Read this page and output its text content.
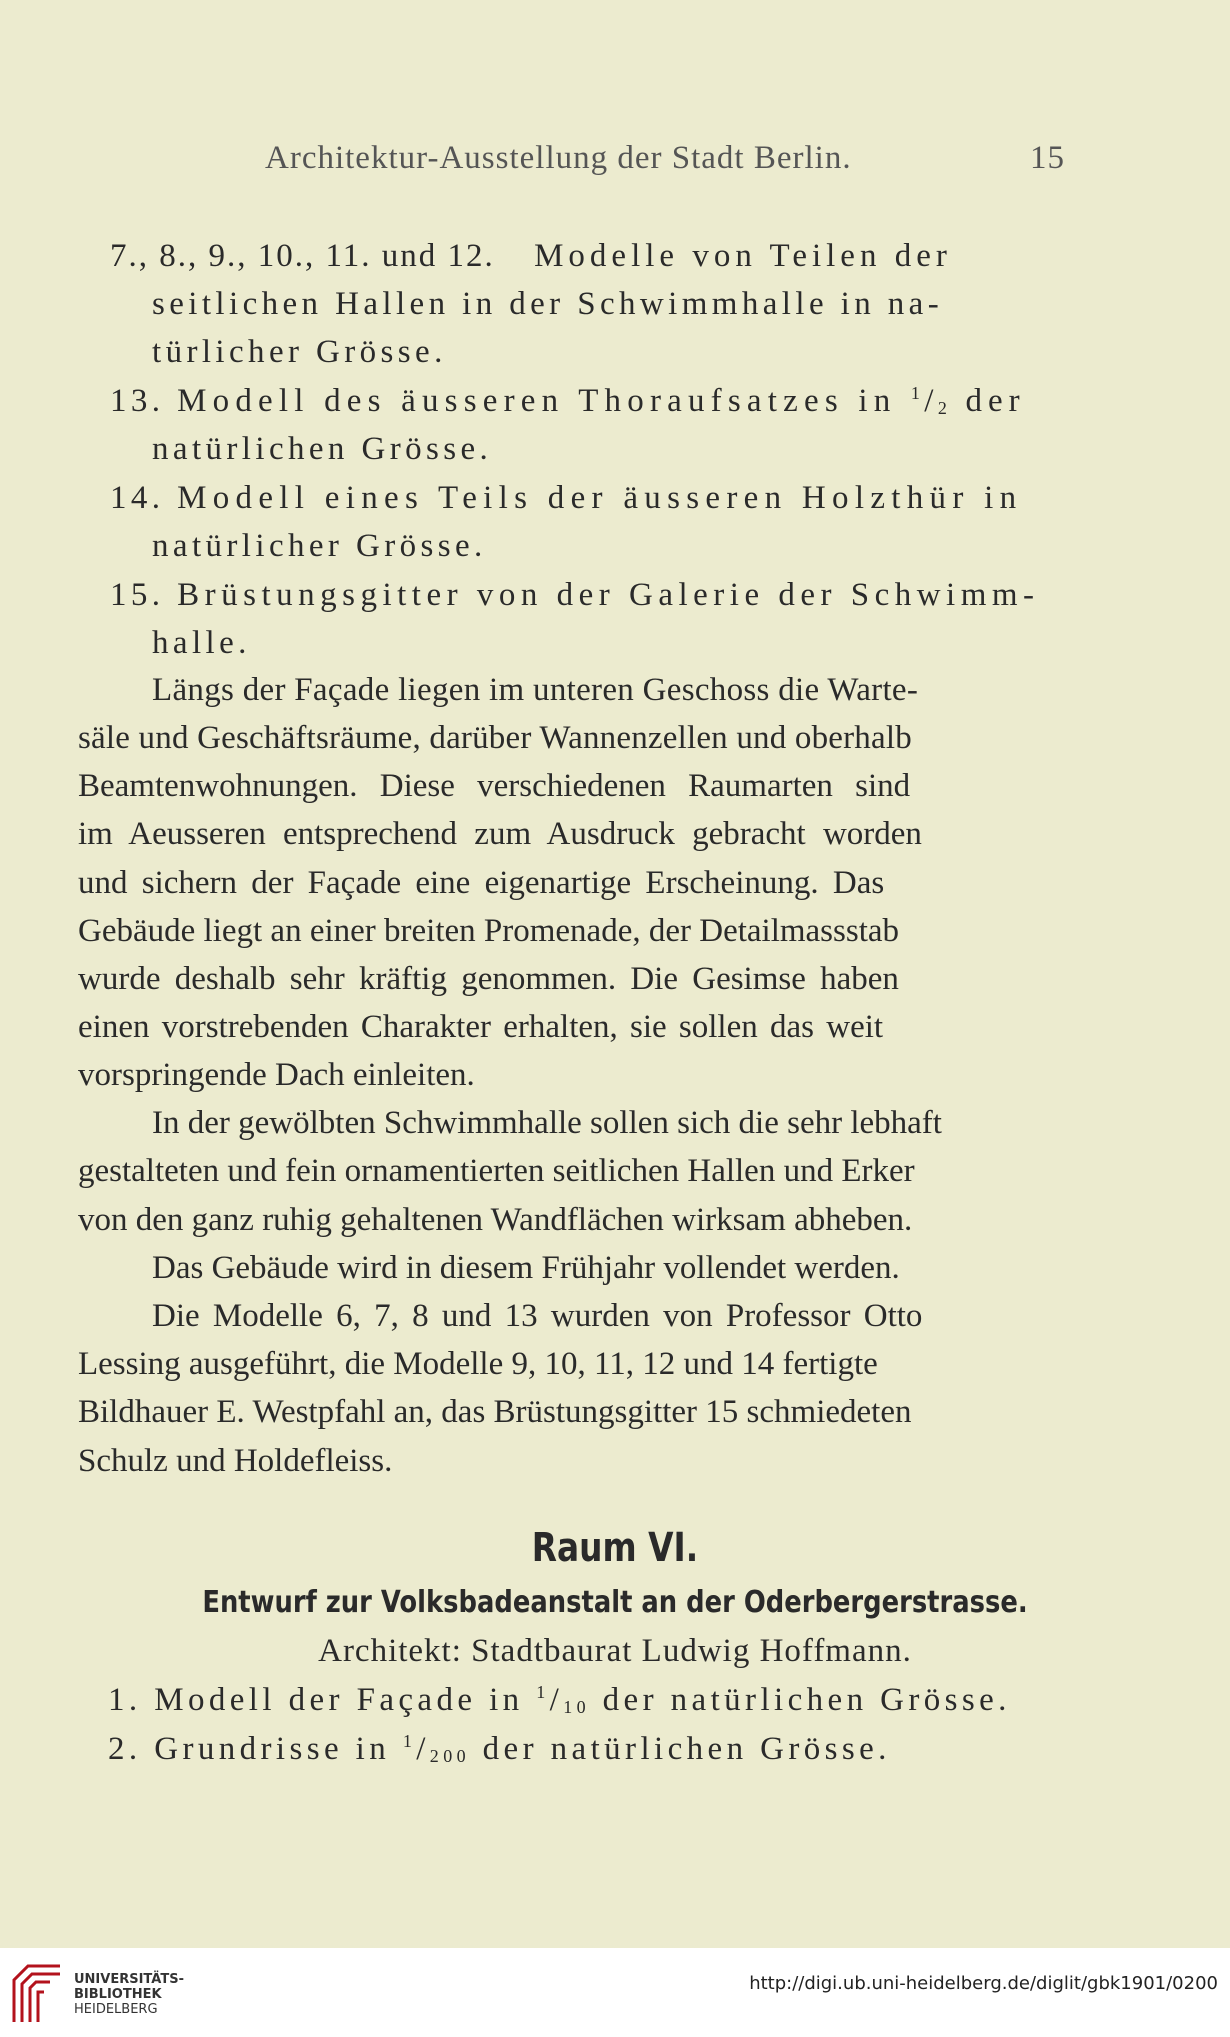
Architektur-Ausstellung der Stadt Berlin.	15
7., 8., 9., 10., 11. und 12. Modelle von Teilen der
seitlichen Hallen in der Schwimmhalle in na-
türlicher Grösse.
13. Modell des äusseren Thoraufsatzes in $^1$/2 der
natürlichen Grösse.
14. Modell eines Teils der äusseren Holzthür in
natürlicher Grösse.
15. Brüstungsgitter von der Galerie der Schwimm-
halle.
Längs der Façade liegen im unteren Geschoss die Warte-
säle und Geschäftsräume, darüber Wannenzellen und oberhalb
Beamtenwohnungen. Diese verschiedenen Raumarten sind
im Aeusseren entsprechend zum Ausdruck gebracht worden
und sichern der Façade eine eigenartige Erscheinung. Das
Gebäude liegt an einer breiten Promenade, der Detailmassstab
wurde deshalb sehr kräftig genommen. Die Gesimse haben
einen vorstrebenden Charakter erhalten, sie sollen das weit
vorspringende Dach einleiten.
In der gewölbten Schwimmhalle sollen sich die sehr lebhaft
gestalteten und fein ornamentierten seitlichen Hallen und Erker
von den ganz ruhig gehaltenen Wandflächen wirksam abheben.
Das Gebäude wird in diesem Frühjahr vollendet werden.
Die Modelle 6, 7, 8 und 13 wurden von Professor Otto
Lessing ausgeführt, die Modelle 9, 10, 11, 12 und 14 fertigte
Bildhauer E. Westpfahl an, das Brüstungsgitter 15 schmiedeten
Schulz und Holdefleiss.
Raum VI.
Entwurf zur Volksbadeanstalt an der Oderbergerstrasse.
Architekt: Stadtbaurat Ludwig Hoffmann.
1. Modell der Façade in $^1$/10 der natürlichen Grösse.
2. Grundrisse in $^1$/200 der natürlichen Grösse.
UNIVERSITÄTS-
BIBLIOTHEK
HEIDELBERG
http://digi.ub.uni-heidelberg.de/diglit/gbk1901/0200
